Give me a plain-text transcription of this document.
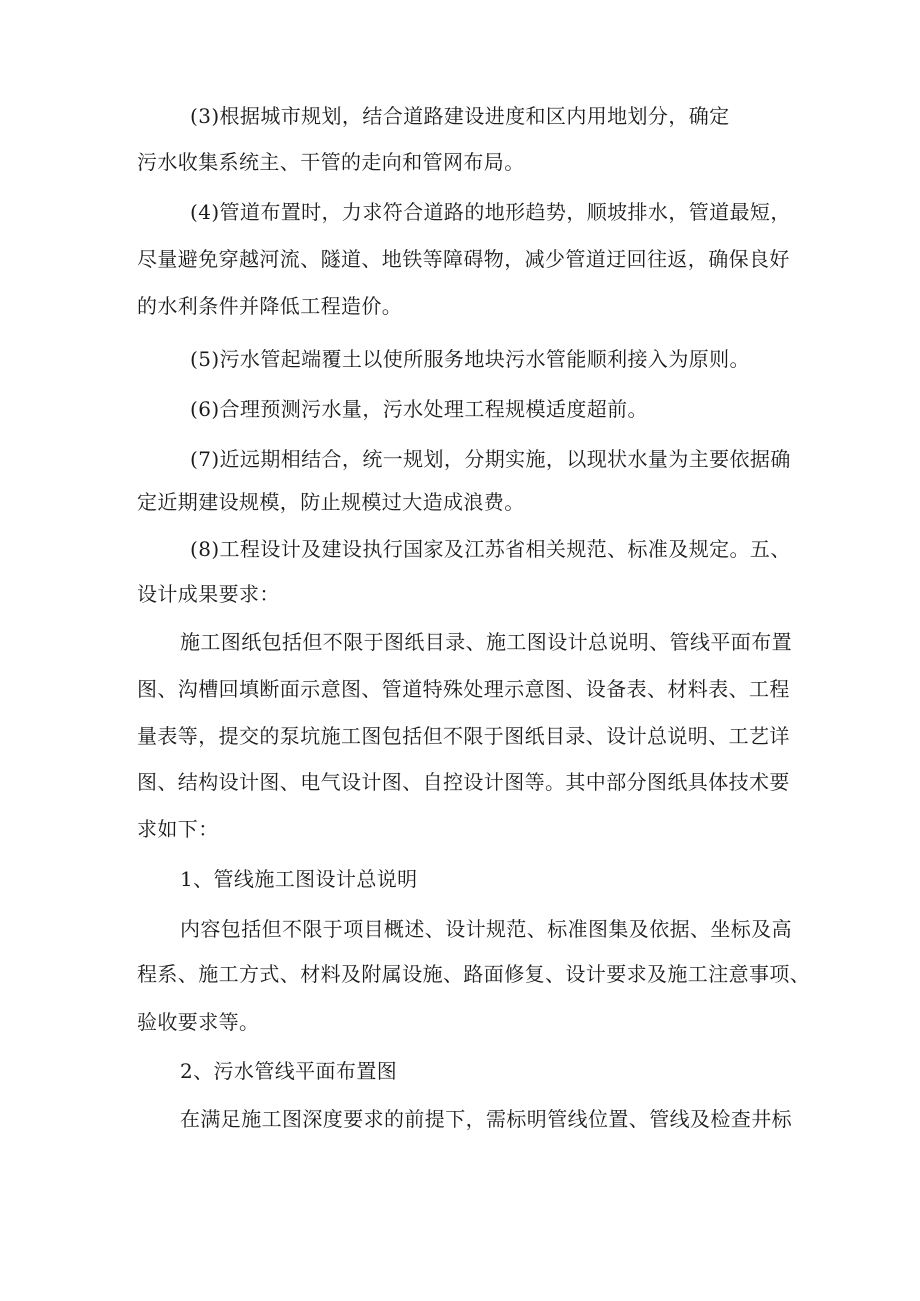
(3)根据城市规划，结合道路建设进度和区内用地划分，确定
污水收集系统主、干管的走向和管网布局。
(4)管道布置时，力求符合道路的地形趋势，顺坡排水，管道最短，
尽量避免穿越河流、隧道、地铁等障碍物，减少管道迂回往返，确保良好
的水利条件并降低工程造价。
(5)污水管起端覆土以使所服务地块污水管能顺利接入为原则。
(6)合理预测污水量，污水处理工程规模适度超前。
(7)近远期相结合，统一规划，分期实施，以现状水量为主要依据确
定近期建设规模，防止规模过大造成浪费。
(8)工程设计及建设执行国家及江苏省相关规范、标准及规定。五、
设计成果要求：
施工图纸包括但不限于图纸目录、施工图设计总说明、管线平面布置
图、沟槽回填断面示意图、管道特殊处理示意图、设备表、材料表、工程
量表等，提交的泵坑施工图包括但不限于图纸目录、设计总说明、工艺详
图、结构设计图、电气设计图、自控设计图等。其中部分图纸具体技术要
求如下：
1、管线施工图设计总说明
内容包括但不限于项目概述、设计规范、标准图集及依据、坐标及高
程系、施工方式、材料及附属设施、路面修复、设计要求及施工注意事项、
验收要求等。
2、污水管线平面布置图
在满足施工图深度要求的前提下，需标明管线位置、管线及检查井标
